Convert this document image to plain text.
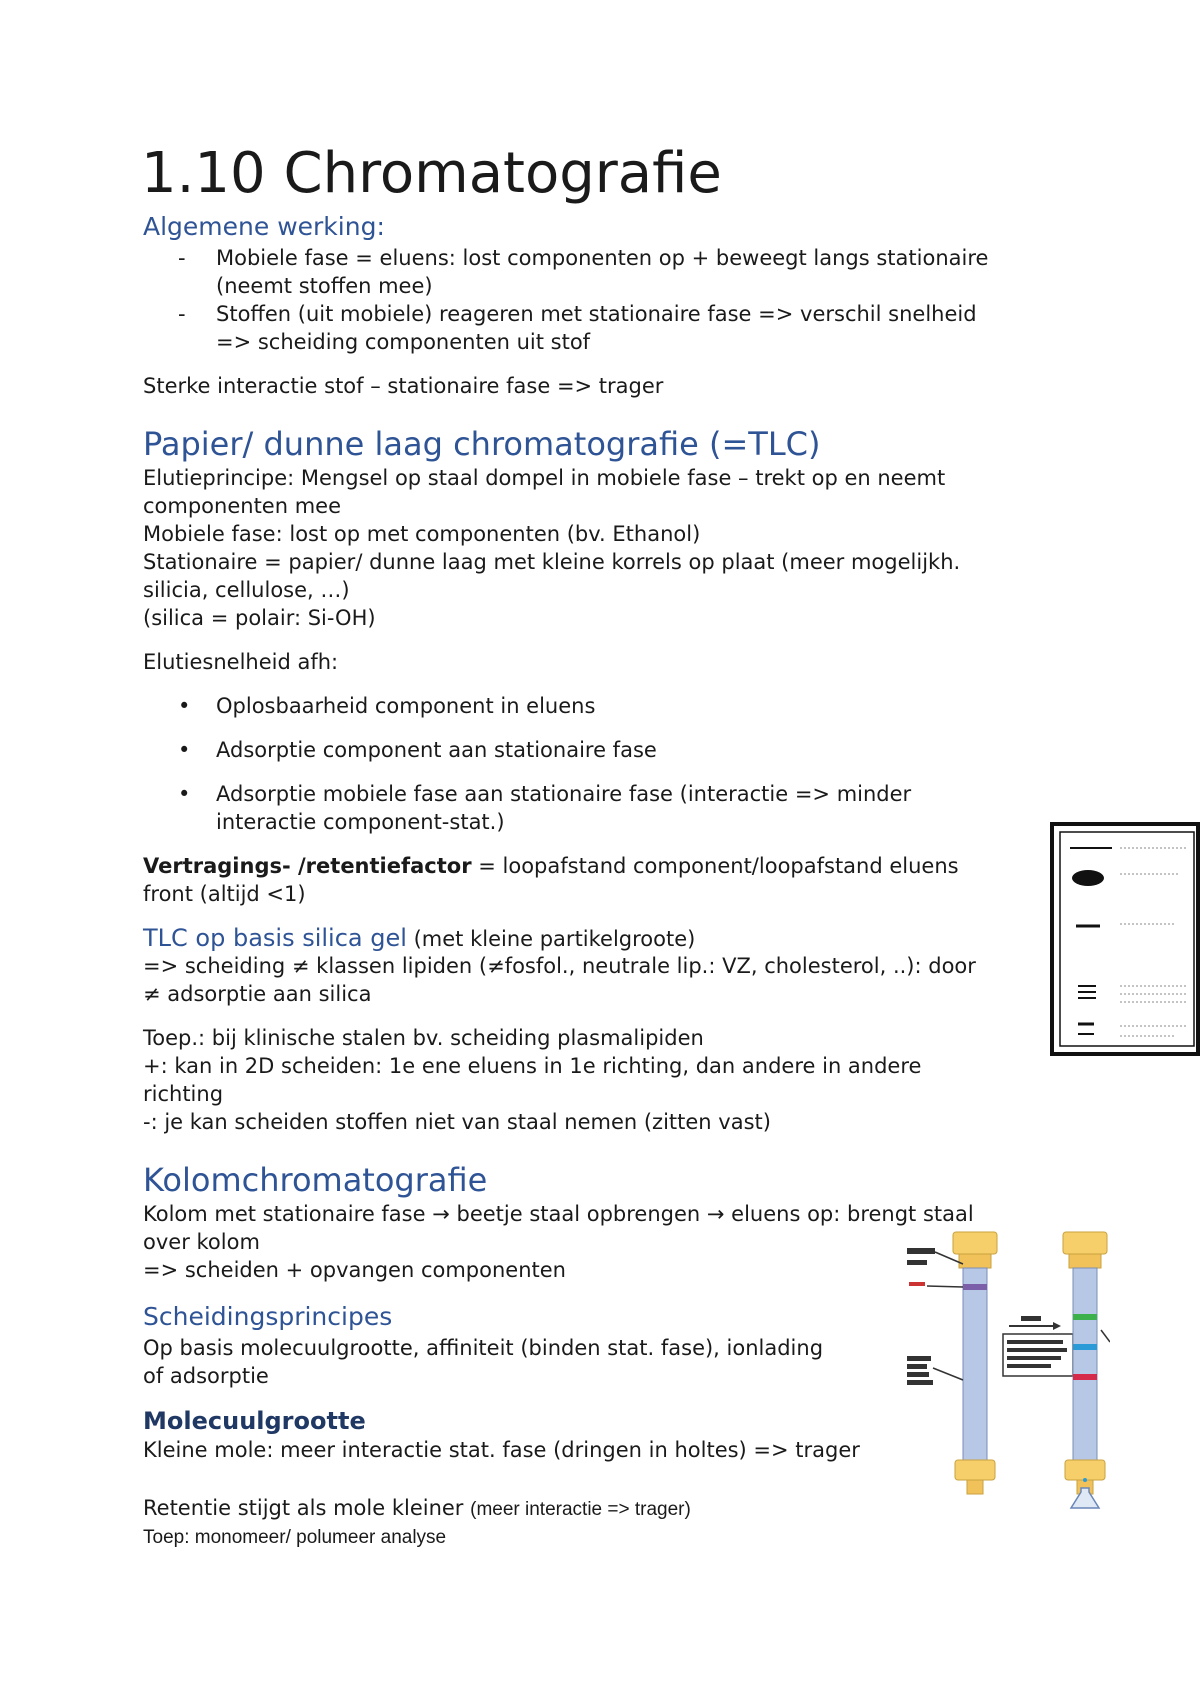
1.10 Chromatografie
Algemene werking:
- Mobiele fase = eluens: lost componenten op + beweegt langs stationaire
(neemt stoffen mee)
- Stoffen (uit mobiele) reageren met stationaire fase => verschil snelheid
=> scheiding componenten uit stof
Sterke interactie stof – stationaire fase => trager
Papier/ dunne laag chromatografie (=TLC)
Elutieprincipe: Mengsel op staal dompel in mobiele fase – trekt op en neemt
componenten mee
Mobiele fase: lost op met componenten (bv. Ethanol)
Stationaire = papier/ dunne laag met kleine korrels op plaat (meer mogelijkh.
silicia, cellulose, …)
(silica = polair: Si-OH)
Elutiesnelheid afh:
• Oplosbaarheid component in eluens
• Adsorptie component aan stationaire fase
• Adsorptie mobiele fase aan stationaire fase (interactie => minder
interactie component-stat.)
Vertragings- /retentiefactor = loopafstand component/loopafstand eluens
front (altijd <1)
TLC op basis silica gel (met kleine partikelgroote)
=> scheiding ≠ klassen lipiden (≠fosfol., neutrale lip.: VZ, cholesterol, ..): door
≠ adsorptie aan silica
Toep.: bij klinische stalen bv. scheiding plasmalipiden
+: kan in 2D scheiden: 1e ene eluens in 1e richting, dan andere in andere
richting
-: je kan scheiden stoffen niet van staal nemen (zitten vast)
Kolomchromatografie
Kolom met stationaire fase → beetje staal opbrengen → eluens op: brengt staal
over kolom
=> scheiden + opvangen componenten
Scheidingsprincipes
Op basis molecuulgrootte, affiniteit (binden stat. fase), ionlading
of adsorptie
Molecuulgrootte
Kleine mole: meer interactie stat. fase (dringen in holtes) => trager
Retentie stijgt als mole kleiner (meer interactie => trager)
Toep: monomeer/ polumeer analyse
